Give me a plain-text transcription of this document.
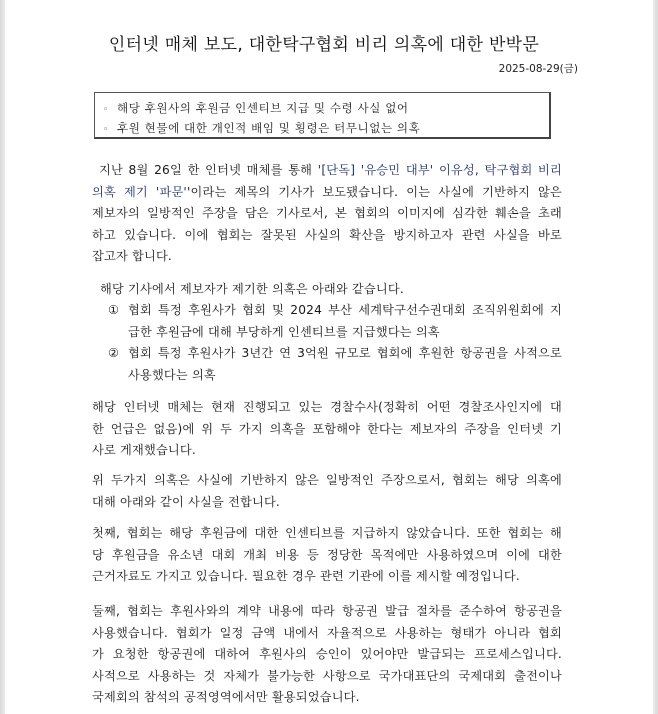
인터넷 매체 보도, 대한탁구협회 비리 의혹에 대한 반박문
2025-08-29(금)
◦ 해당 후원사의 후원금 인센티브 지급 및 수령 사실 없어
◦ 후원 현물에 대한 개인적 배임 및 횡령은 터무니없는 의혹
지난 8월 26일 한 인터넷 매체를 통해 '[단독] '유승민 대부' 이유성, 탁구협회 비리
의혹 제기 '파문''이라는 제목의 기사가 보도됐습니다. 이는 사실에 기반하지 않은
제보자의 일방적인 주장을 담은 기사로서, 본 협회의 이미지에 심각한 훼손을 초래
하고 있습니다. 이에 협회는 잘못된 사실의 확산을 방지하고자 관련 사실을 바로
잡고자 합니다.
해당 기사에서 제보자가 제기한 의혹은 아래와 같습니다.
① 협회 특정 후원사가 협회 및 2024 부산 세계탁구선수권대회 조직위원회에 지
급한 후원금에 대해 부당하게 인센티브를 지급했다는 의혹
② 협회 특정 후원사가 3년간 연 3억원 규모로 협회에 후원한 항공권을 사적으로
사용했다는 의혹
해당 인터넷 매체는 현재 진행되고 있는 경찰수사(정확히 어떤 경찰조사인지에 대
한 언급은 없음)에 위 두 가지 의혹을 포함해야 한다는 제보자의 주장을 인터넷 기
사로 게재했습니다.
위 두가지 의혹은 사실에 기반하지 않은 일방적인 주장으로서, 협회는 해당 의혹에
대해 아래와 같이 사실을 전합니다.
첫째, 협회는 해당 후원금에 대한 인센티브를 지급하지 않았습니다. 또한 협회는 해
당 후원금을 유소년 대회 개최 비용 등 정당한 목적에만 사용하였으며 이에 대한
근거자료도 가지고 있습니다. 필요한 경우 관련 기관에 이를 제시할 예정입니다.
둘째, 협회는 후원사와의 계약 내용에 따라 항공권 발급 절차를 준수하여 항공권을
사용했습니다. 협회가 일정 금액 내에서 자율적으로 사용하는 형태가 아니라 협회
가 요청한 항공권에 대하여 후원사의 승인이 있어야만 발급되는 프로세스입니다.
사적으로 사용하는 것 자체가 불가능한 사항으로 국가대표단의 국제대회 출전이나
국제회의 참석의 공적영역에서만 활용되었습니다.
